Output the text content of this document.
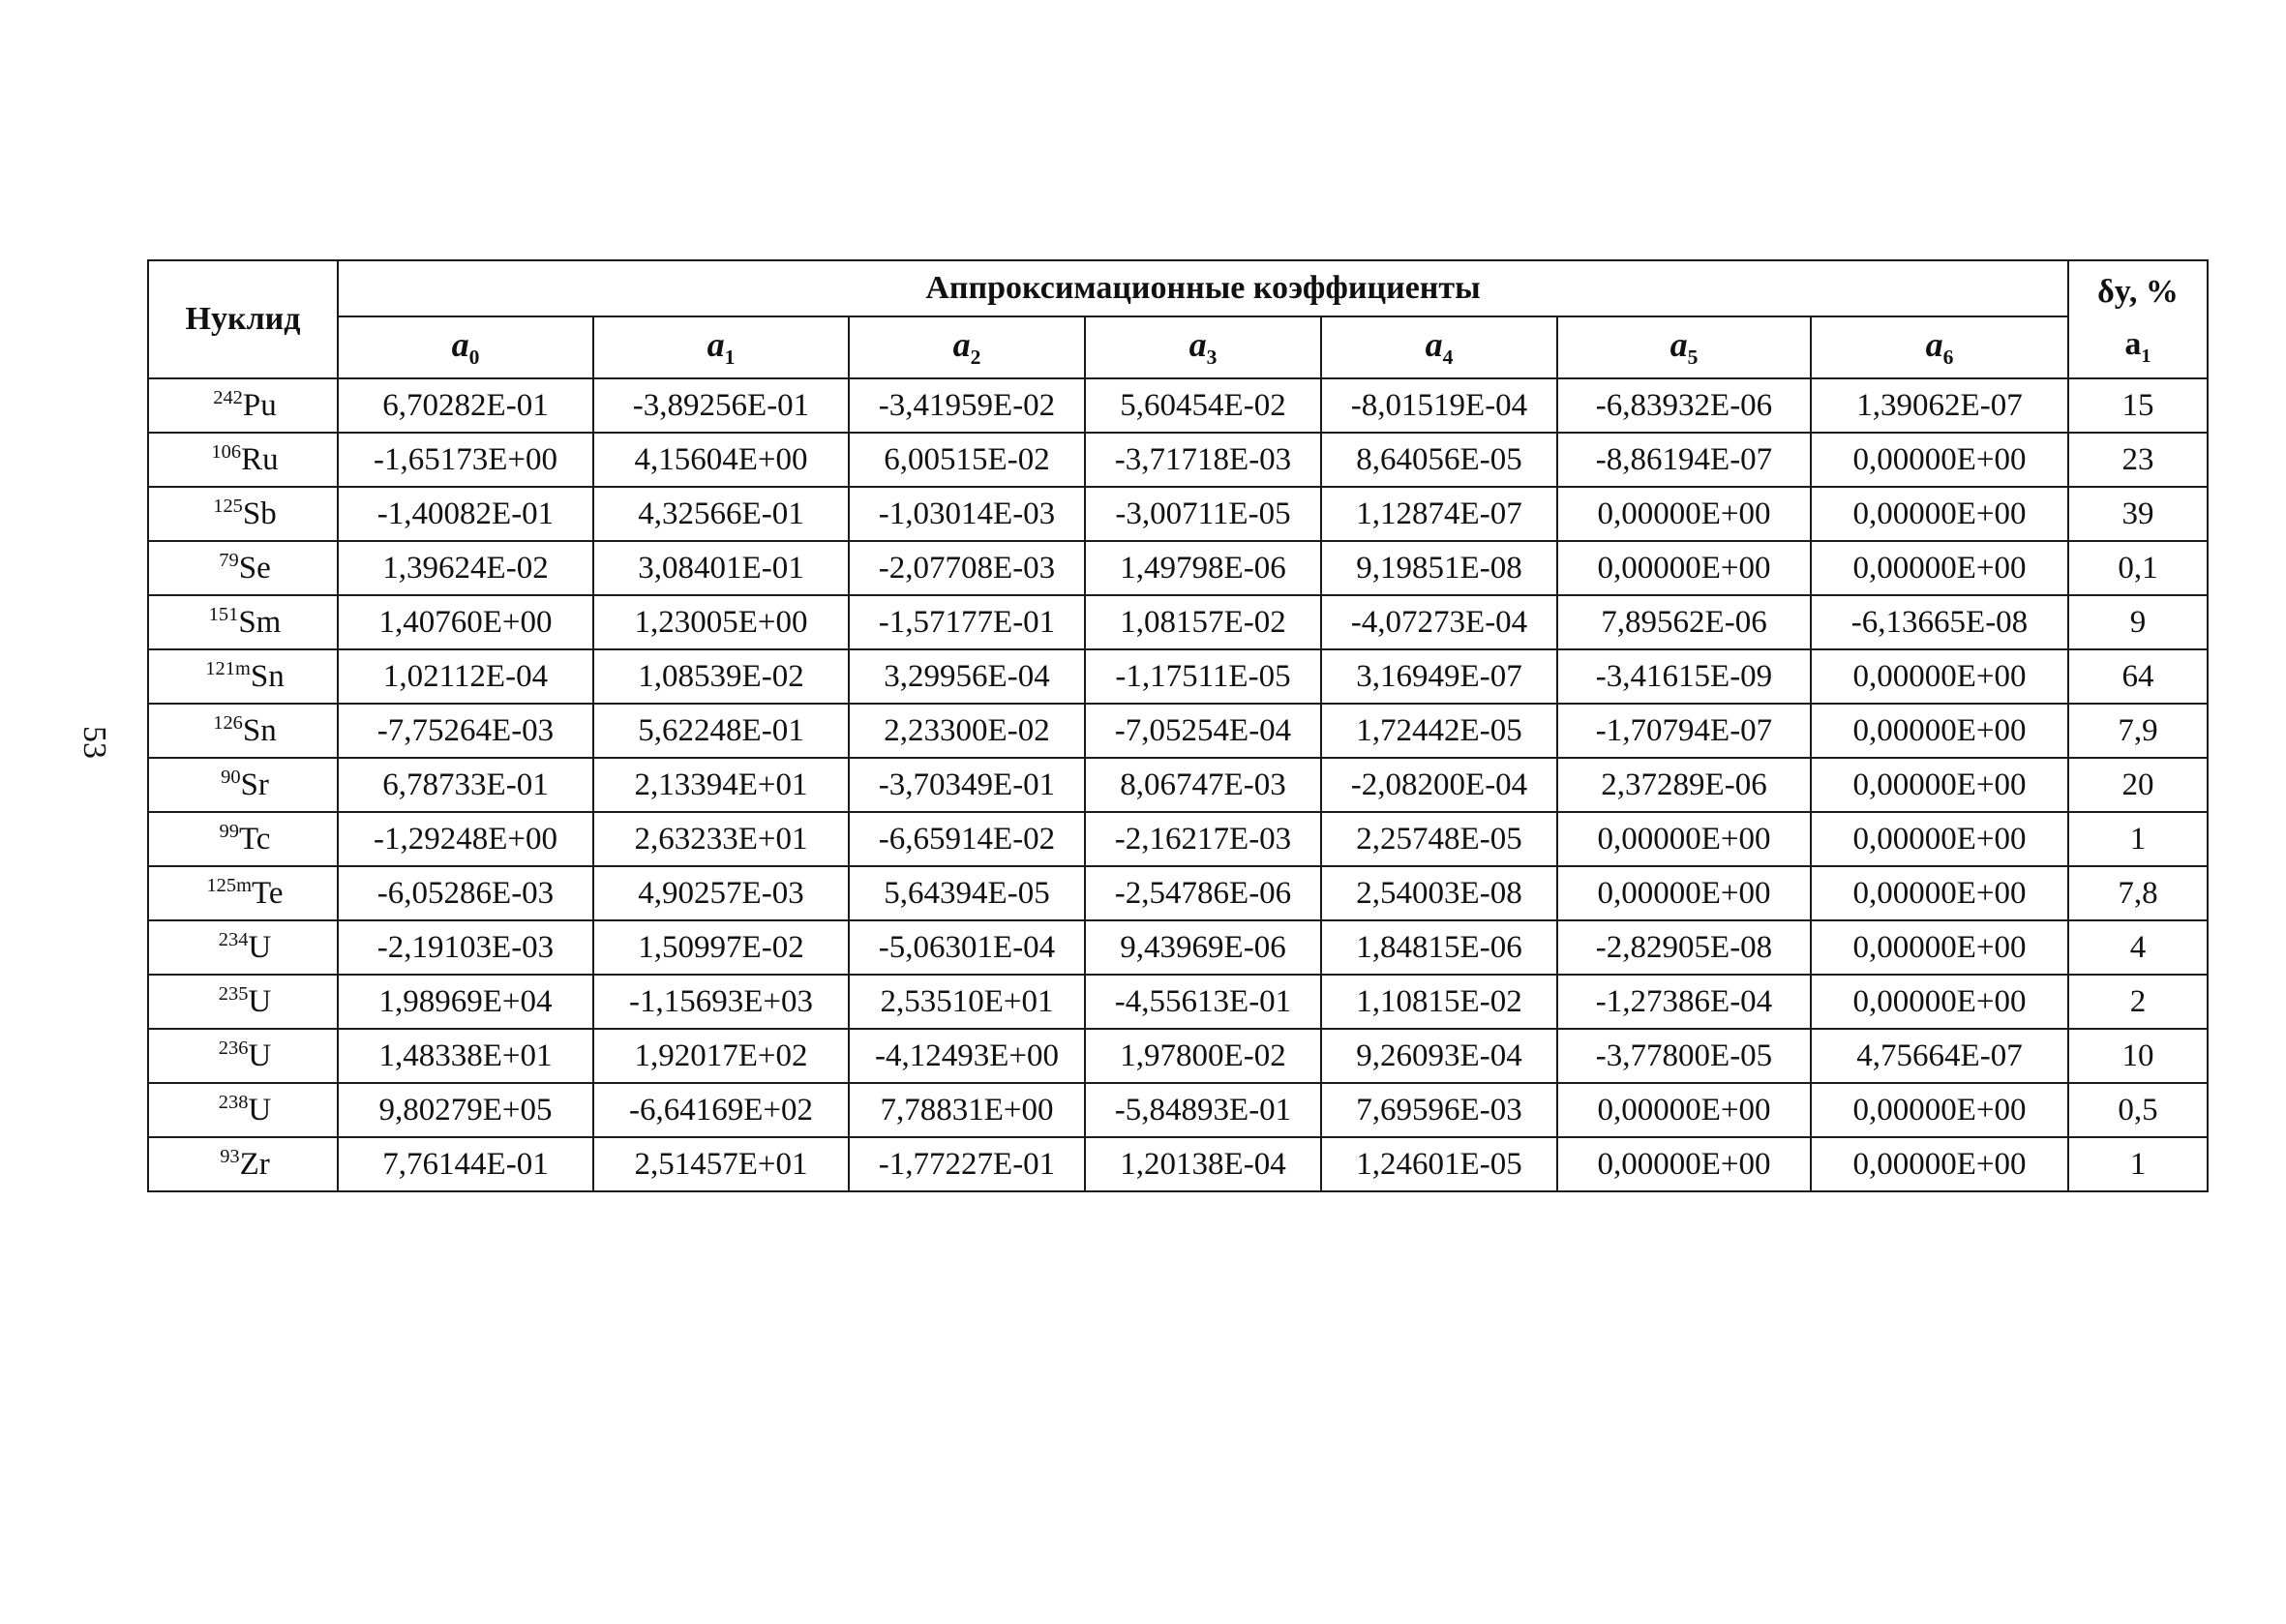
53
Нуклид	Аппроксимационные коэффициенты							δy, %
$a_1$
	$a_0$	$a_1$	$a_2$	$a_3$	$a_4$	$a_5$	$a_6$
$^{242}$Pu	6,70282E-01	-3,89256E-01	-3,41959E-02	5,60454E-02	-8,01519E-04	-6,83932E-06	1,39062E-07	15
$^{106}$Ru	-1,65173E+00	4,15604E+00	6,00515E-02	-3,71718E-03	8,64056E-05	-8,86194E-07	0,00000E+00	23
$^{125}$Sb	-1,40082E-01	4,32566E-01	-1,03014E-03	-3,00711E-05	1,12874E-07	0,00000E+00	0,00000E+00	39
$^{79}$Se	1,39624E-02	3,08401E-01	-2,07708E-03	1,49798E-06	9,19851E-08	0,00000E+00	0,00000E+00	0,1
$^{151}$Sm	1,40760E+00	1,23005E+00	-1,57177E-01	1,08157E-02	-4,07273E-04	7,89562E-06	-6,13665E-08	9
$^{121m}$Sn	1,02112E-04	1,08539E-02	3,29956E-04	-1,17511E-05	3,16949E-07	-3,41615E-09	0,00000E+00	64
$^{126}$Sn	-7,75264E-03	5,62248E-01	2,23300E-02	-7,05254E-04	1,72442E-05	-1,70794E-07	0,00000E+00	7,9
$^{90}$Sr	6,78733E-01	2,13394E+01	-3,70349E-01	8,06747E-03	-2,08200E-04	2,37289E-06	0,00000E+00	20
$^{99}$Tc	-1,29248E+00	2,63233E+01	-6,65914E-02	-2,16217E-03	2,25748E-05	0,00000E+00	0,00000E+00	1
$^{125m}$Te	-6,05286E-03	4,90257E-03	5,64394E-05	-2,54786E-06	2,54003E-08	0,00000E+00	0,00000E+00	7,8
$^{234}$U	-2,19103E-03	1,50997E-02	-5,06301E-04	9,43969E-06	1,84815E-06	-2,82905E-08	0,00000E+00	4
$^{235}$U	1,98969E+04	-1,15693E+03	2,53510E+01	-4,55613E-01	1,10815E-02	-1,27386E-04	0,00000E+00	2
$^{236}$U	1,48338E+01	1,92017E+02	-4,12493E+00	1,97800E-02	9,26093E-04	-3,77800E-05	4,75664E-07	10
$^{238}$U	9,80279E+05	-6,64169E+02	7,78831E+00	-5,84893E-01	7,69596E-03	0,00000E+00	0,00000E+00	0,5
$^{93}$Zr	7,76144E-01	2,51457E+01	-1,77227E-01	1,20138E-04	1,24601E-05	0,00000E+00	0,00000E+00	1
